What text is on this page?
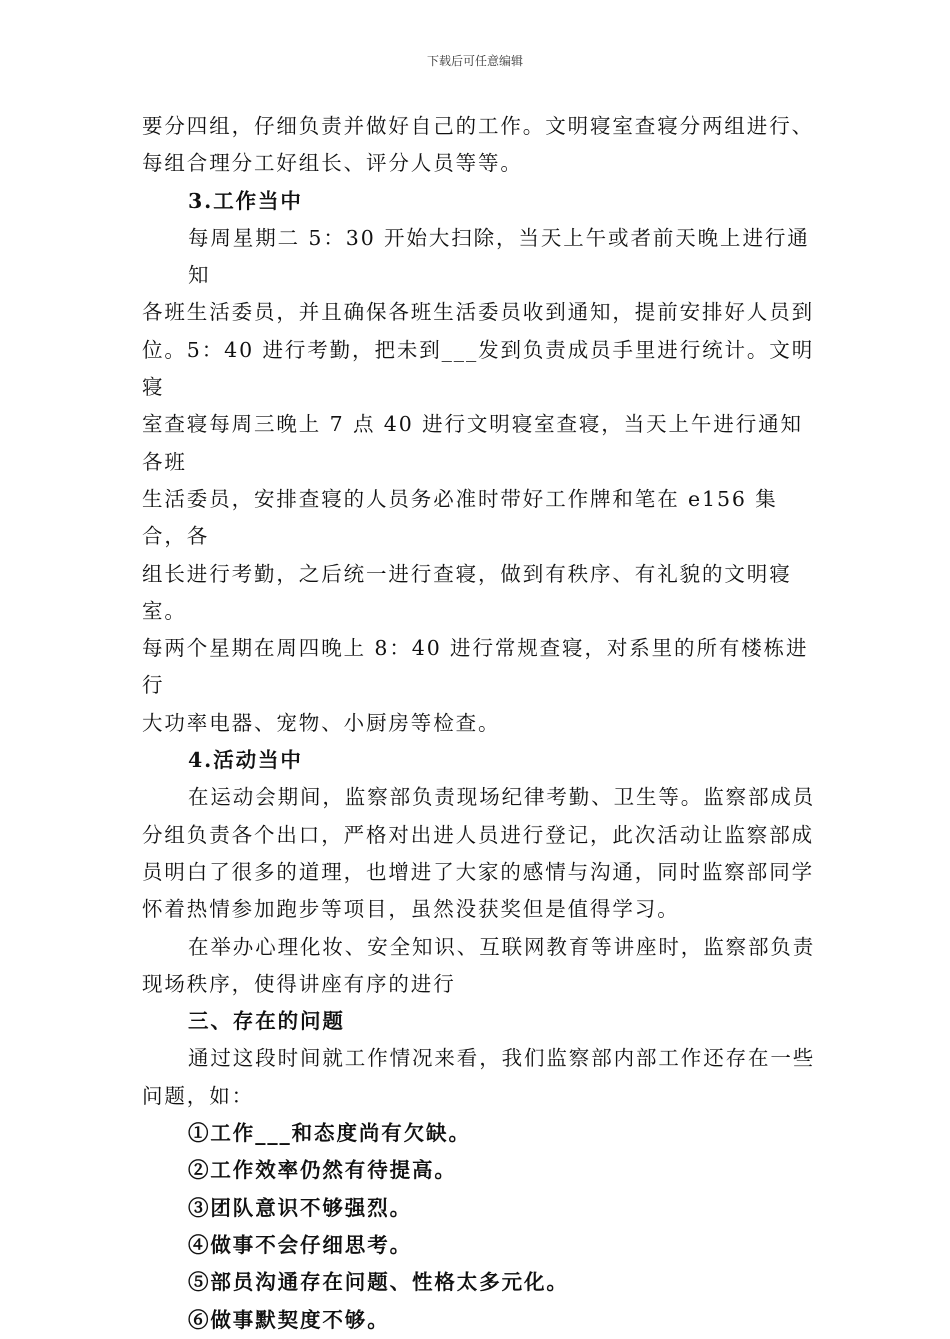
下载后可任意编辑

要分四组，仔细负责并做好自己的工作。文明寝室查寝分两组进行、

每组合理分工好组长、评分人员等等。

3.工作当中

每周星期二 5：30 开始大扫除，当天上午或者前天晚上进行通知

各班生活委员，并且确保各班生活委员收到通知，提前安排好人员到

位。5：40 进行考勤，把未到___发到负责成员手里进行统计。文明寝

室查寝每周三晚上 7 点 40 进行文明寝室查寝，当天上午进行通知各班

生活委员，安排查寝的人员务必准时带好工作牌和笔在 e156 集合，各

组长进行考勤，之后统一进行查寝，做到有秩序、有礼貌的文明寝室。

每两个星期在周四晚上 8：40 进行常规查寝，对系里的所有楼栋进行

大功率电器、宠物、小厨房等检查。

4.活动当中

在运动会期间，监察部负责现场纪律考勤、卫生等。监察部成员

分组负责各个出口，严格对出进人员进行登记，此次活动让监察部成

员明白了很多的道理，也增进了大家的感情与沟通，同时监察部同学

怀着热情参加跑步等项目，虽然没获奖但是值得学习。

在举办心理化妆、安全知识、互联网教育等讲座时，监察部负责

现场秩序，使得讲座有序的进行

三、存在的问题

通过这段时间就工作情况来看，我们监察部内部工作还存在一些

问题，如：

①工作___和态度尚有欠缺。

②工作效率仍然有待提高。

③团队意识不够强烈。

④做事不会仔细思考。

⑤部员沟通存在问题、性格太多元化。

⑥做事默契度不够。
